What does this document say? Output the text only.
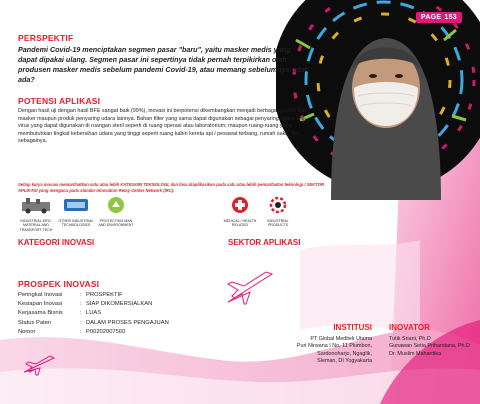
PAGE 153
PERSPEKTIF
Pandemi Covid-19 menciptakan segmen pasar "baru", yaitu masker medis yang dapat dipakai ulang. Segmen pasar ini sepertinya tidak pernah terpikirkan oleh produsen masker medis sebelum pandemi Covid-19, atau memang sebelumnya tidak ada?
POTENSI APLIKASI
Dengan hasil uji dengan hasil BFE sangat baik (99%), inovasi ini berpotensi dikembangkan menjadi berbagai produk filter masker maupun produk penyaring udara lainnya. Bahan filter yang sama dapat digunakan sebagai penyaring udara anti-virus yang dapat digunakan di ruangan steril seperti di ruang operasi atau laboratorium; maupun ruang-ruang yang membutuhkan tingkat kebersihan udara yang tinggi seperti ruang kabin kereta api / pesawat terbang, rumah sakit, dan sebagainya.
Setiap karya inovasi memanfaatkan satu atau lebih KATEGORI TEKNOLOGI, dan bisa diaplikasikan pada satu atau lebih pemanfaatan teknologi / SEKTOR APLIKASI yang mengacu pada standar Innovation Relay Center Network (IRC).
INDUSTRIAL MFG, MATERIAL AND TRANSPORT TECH
OTHER INDUSTRIAL TECHNOLOGIES
PROTECTING MAN AND ENVIRONMENT
MEDICAL / HEALTH RELATED
INDUSTRIAL PRODUCTS
KATEGORI INOVASI	SEKTOR APLIKASI
PROSPEK INOVASI
Peringkat Inovasi	: PROSPEKTIF
Kesiapan Inovasi	: SIAP DIKOMERSIALKAN
Kerjasama Bisnis	: LUAS
Status Paten	: DALAM PROSES PENGAJUAN
Nomor	: P00202007560	INSTITUSI INOVATOR
PT Global Meditek Utama
Puri Nirwana I No. 11 Plumbon,
Sardonoharjo, Ngaglik,
Sleman, DI Yogyakarta
Tutik Sriani, Ph.D
Gunawan Setia Prihandana, Ph.D
Dr. Muslim Mahardika
